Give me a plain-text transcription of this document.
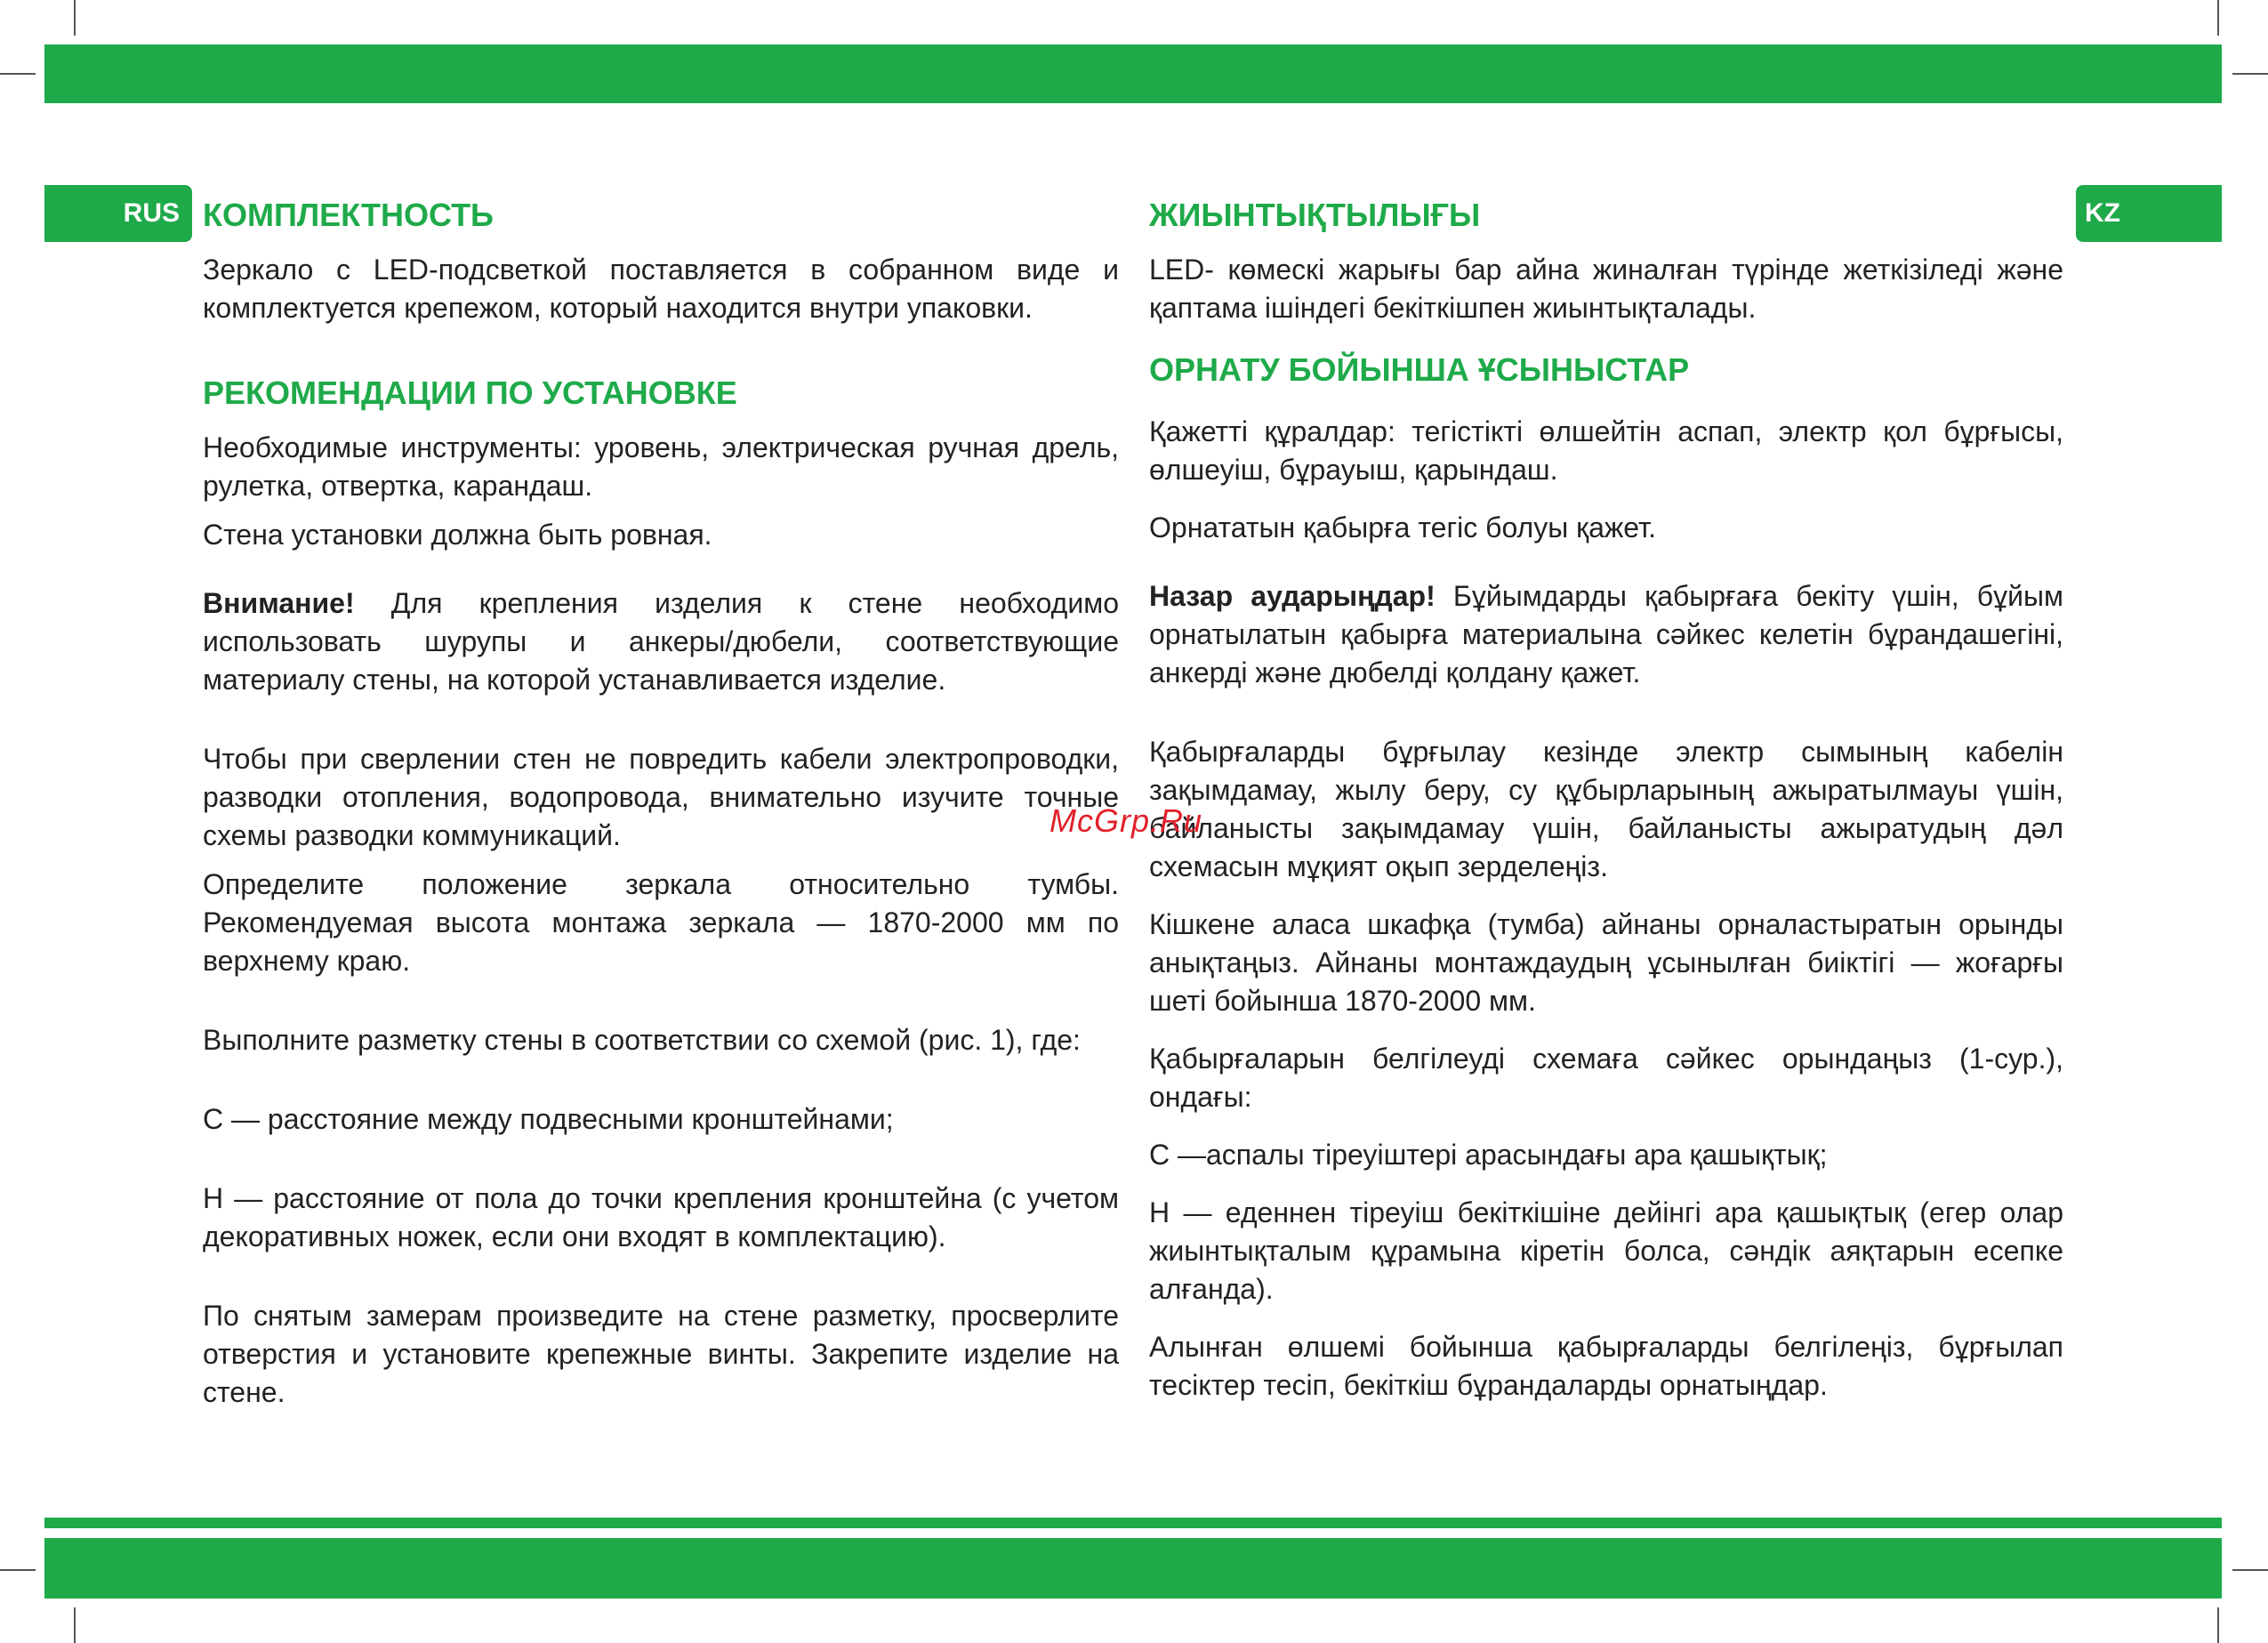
RUS	KZ
КОМПЛЕКТНОСТЬ

Зеркало с LED-подсветкой поставляется в собранном виде и комплектуется крепежом, который находится внутри упаковки.

РЕКОМЕНДАЦИИ ПО УСТАНОВКЕ

Необходимые инструменты: уровень, электрическая ручная дрель, рулетка, отвертка, карандаш.

Стена установки должна быть ровная.

Внимание! Для крепления изделия к стене необходимо использовать шурупы и анкеры/дюбели, соответствующие материалу стены, на которой устанавливается изделие.

Чтобы при сверлении стен не повредить кабели электропроводки, разводки отопления, водопровода, внимательно изучите точные схемы разводки коммуникаций.

Определите положение зеркала относительно тумбы. Рекомендуемая высота монтажа зеркала — 1870-2000 мм по верхнему краю.

Выполните разметку стены в соответствии со схемой (рис. 1), где:

С — расстояние между подвесными кронштейнами;

Н — расстояние от пола до точки крепления кронштейна (с учетом декоративных ножек, если они входят в комплектацию).

По снятым замерам произведите на стене разметку, просверлите отверстия и установите крепежные винты. Закрепите изделие на стене.

ЖИЫНТЫҚТЫЛЫҒЫ

LED- көмескі жарығы бар айна жиналған түрінде жеткізіледі және қаптама ішіндегі бекіткішпен жиынтықталады.

ОРНАТУ БОЙЫНША ҰСЫНЫСТАР

Қажетті құралдар: тегістікті өлшейтін аспап, электр қол бұрғысы, өлшеуіш, бұрауыш, қарындаш.

Орнататын қабырға тегіс болуы қажет.

Назар аударыңдар! Бұйымдарды қабырғаға бекіту үшін, бұйым орнатылатын қабырға материалына сәйкес келетін бұрандашегіні, анкерді және дюбелді қолдану қажет.

Қабырғаларды бұрғылау кезінде электр сымының кабелін зақымдамау, жылу беру, су құбырларының ажыратылмауы үшін, байланысты зақымдамау үшін, байланысты ажыратудың дәл схемасын мұқият оқып зерделеңіз.

Кішкене аласа шкафқа (тумба) айнаны орналастыратын орынды анықтаңыз. Айнаны монтаждаудың ұсынылған биіктігі — жоғарғы шеті бойынша 1870-2000 мм.

Қабырғаларын белгілеуді схемаға сәйкес орындаңыз (1-сур.), ондағы:

С —аспалы тіреуіштері арасындағы ара қашықтық;

Н — еденнен тіреуіш бекіткішіне дейінгі ара қашықтық (егер олар жиынтықталым құрамына кіретін болса, сәндік аяқтарын есепке алғанда).

Алынған өлшемі бойынша қабырғаларды белгілеңіз, бұрғылап тесіктер тесіп, бекіткіш бұрандаларды орнатыңдар.

McGrp.Ru
